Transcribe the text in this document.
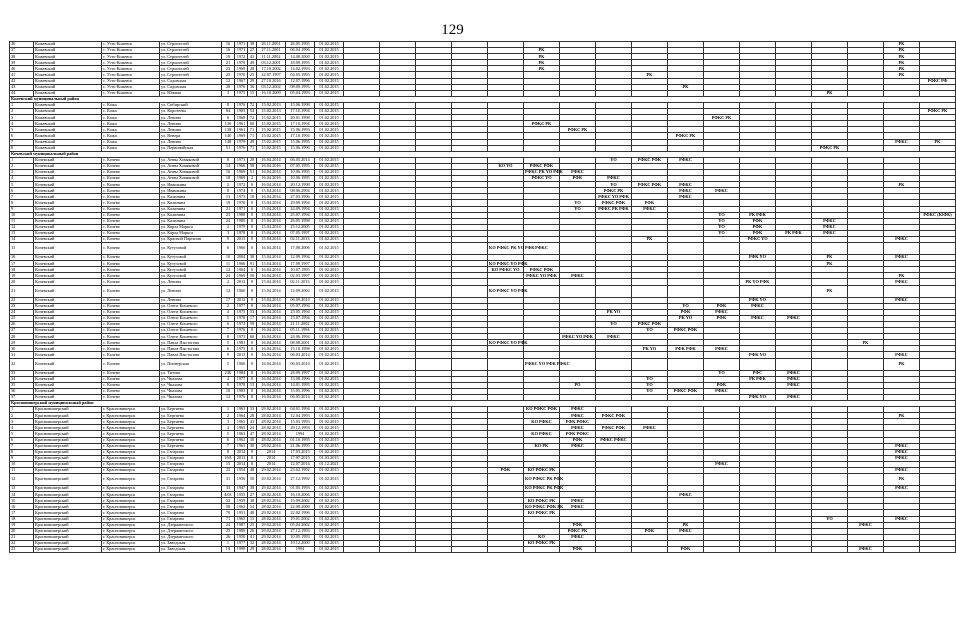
129
36	Кожевский	с. Усть-Кожевск	ул. Строителей	16	1971	38	26.11.2001	26.05.1995	01.02.2015																PK	
37	Кожевский	с. Усть-Кожевск	ул. Строителей	16	1971	27	27.11.2001	06.04.1996	01.02.2015						PK										PK	
38	Кожевский	с. Усть-Кожевск	ул. Строителей	19	1972	43	11.11.2002	14.08.2000	01.02.2015						PK										PK	
39	Кожевский	с. Усть-Кожевск	ул. Строителей	21	1970	49	03.12.2001	18.09.1995	01.02.2015						PK										PK	
40	Кожевский	с. Усть-Кожевск	ул. Строителей	23	1969	28	17.10.2002	14.02.1993	01.02.2015						PK										PK	
41	Кожевский	с. Усть-Кожевск	ул. Строителей	25	1970	25	22.07.1997	04.05.1995	01.02.2015									PK							PK	
42	Кожевский	с. Усть-Кожевск	ул. Садовская	12	1967	29	27.10.2016	12.07.1996	01.02.2015																	РФКС РФ
43	Кожевский	с. Усть-Кожевск	ул. Садовская	28	1976	36	03.12.2002	08.09.1993	01.02.2015										PK							
44	Кожевский	с. Усть-Кожевск	ул. Южная	3	1975	15	16.10.2009	05.04.1993	01.02.2015														PK			
Кожевский муниципальный район																										
1	Кожевский	с. Кожа	ул. Сибирский	8	1976	72	15.02.2013	15.06.1998	01.02.2015																	
2	Кожевский	с. Кожа	ул. Коротеева	64	1983	54	15.02.2013	17.10.1994	01.02.2015																	PФKC PK
3	Кожевский	с. Кожа	ул. Ленина	6	1968	72	15.02.2015	20.01.1998	01.02.2015											PФKC PK						
4	Кожевский	с. Кожа	ул. Ленина	136	1961	60	15.02.2015	17.10.1994	01.02.2015						PФKC PK											
5	Кожевский	с. Кожа	ул. Ленина	138	1961	71	15.02.2015	15.06.1993	01.02.2015							PФKC PK										
6	Кожевский	с. Кожа	ул. Венера	140	1969	71	15.02.2015	17.10.1994	01.02.2015										PФKC PK							
7	Кожевский	с. Кожа	ул. Ленина	148	1979	49	15.02.2015	15.06.1995	01.02.2015																PФKC	PK
8	Кожевский	с. Кожа	ул. Первомайская	51	1976	71	15.02.2015	15.06.1996	01.02.2015														PФKC PK			
Кочевский муниципальный район																										
1	Кочевский	с. Кочево	ул. Анны Хомяковой	8	1973	28	16.04.2014	06.05.2014	01.02.2015								YO	PФKC PФK	PФKC							
2	Кочевский	с. Кочево	ул. Анны Хомяковой	14	1966	58	16.04.2016	07.05.1995	01.02.2015					KO YO	PФKC PФK											
3	Кочевский	с. Кочево	ул. Анны Хомяковой	16	1969	51	16.04.2014	10.06.1995	01.02.2015						PФKC PK YO PФK	PФKC										
4	Кочевский	с. Кочево	ул. Анны Хомяковой	18	1969	2	16.04.2016	10.06.1995	01.02.2015						PФKC YO	PФK	PФKC									
5	Кочевский	с. Кочево	ул. Ивашкина	2	1972	0	16.04.2014	20.12.1998	01.02.2015								YO	PФKC PФK	PФKC						PK	
6	Кочевский	с. Кочево	ул. Ивашкина	8	1974	9	15.04.2014	08.06.2994	01.02.2015								PФKC PK		PФKC	PФKC						
7	Кочевский	с. Кочево	ул. Калинина	13	1973	10	16.04.2014	27.03.1996	01.02.2015								PФKC YO PФK		PФKC							
8	Кочевский	с. Кочево	ул. Калинина	19	1970	0	15.04.2014	29.09.1994	01.02.2015							YO	PФKC PФK	PФK								
9	Кочевский	с. Кочево	ул. Калинина	21	1971	0	15.04.2014	24.09.1994	01.02.2015							YO	PФKC PK PФK	PФKC								
10	Кочевский	с. Кочево	ул. Калинина	23	1988	0	15.04.2014	25.07.1994	01.02.2015											YO	PK PФK					PФKC (ЮФК)
11	Кочевский	с. Кочево	ул. Калинина	24	1980	0	15.04.2014	26.05.1998	01.02.2015											YO	PФK		PФKC			
12	Кочевский	с. Кочево	ул. Карла Маркса	2	1979	0	15.04.2014	25.12.2005	01.02.2015											YO	PФK		PФKC			
13	Кочевский	с. Кочево	ул. Карла Маркса	3	1978	0	15.04.2014	07.05.1997	01.02.2015											YO	PФK	PK PФK	PФKC			
14	Кочевский	с. Кочево	ул. Красной Партизан	9	2013	0	15.04.2014	02.11.2013	01.02.2015									PK			PФKC YO				PФKC	
15	Кочевский	с. Кочево	ул. Кутузовой	6	1966	0	16.04.2014	17.08.2006	01.02.2015					KO PФKC PK YO PФK	PФKC											
16	Кочевский	с. Кочево	ул. Кутузовой	10	2004	38	15.04.2014	12.09.1994	01.02.2015												PФK YO		PK		PФKC	
17	Кочевский	с. Кочево	ул. Кутузовой	11	1966	91	15.04.2014	17.09.1997	01.02.2015					KO PФKC YO PФK									PK			
18	Кочевский	с. Кочево	ул. Кутузовой	12	1964	0	16.04.2014	10.07.1995	01.02.2015					KO PФKC YO	PФKC PФK											
19	Кочевский	с. Кочево	ул. Кутузовой	24	1969	50	16.04.2014	02.03.1997	01.02.2015						PФKC YO PФK	PФKC									PK	
20	Кочевский	с. Кочево	ул. Ленина	2	2012	0	15.04.2014	02.11.2013	01.02.2015												PK YO PФK				PФKC	
21	Кочевский	с. Кочево	ул. Ленина	12	1960	0	15.04.2014	12.09.2002	01.02.2015					KO PФKC YO PФK									PK			
22	Кочевский	с. Кочево	ул. Ленина	17	2012	0	15.04.2014	06.09.2014	01.02.2015												PФK YO				PФKC	
23	Кочевский	с. Кочево	ул. Олеги Кошевого	2	1977	0	16.04.2014	05.07.1994	01.02.2015										YO	PФK	PФKC					
24	Кочевский	с. Кочево	ул. Олеги Кошевого	4	1975	53	16.04.2014	25.05.1994	01.02.2015								PK YO		PФK	PФKC						
25	Кочевский	с. Кочево	ул. Олеги Кошевого	5	1978	17	16.04.2014	15.07.1994	01.02.2015										PK YO	PФK	PФKC	PФKC				
26	Кочевский	с. Кочево	ул. Олеги Кошевого	6	1974	59	16.04.2014	21.11.2002	01.02.2015								YO	PФKC PФK								
27	Кочевский	с. Кочево	ул. Олеги Кошевого	7	1976	0	16.04.2014	05.11.1994	01.02.2015									YO	PФKC PФK							
28	Кочевский	с. Кочево	ул. Олеги Кошевого	8	1973	60	16.04.2014	24.06.1994	01.02.2015							PФKC YO PФK	PФKC									
29	Кочевский	с. Кочево	ул. Павла Пыстогова	5	1981	0	16.04.2014	08.08.2001	01.02.2015					KO PФKC YO PФK										PK		
30	Кочевский	с. Кочево	ул. Павла Пыстогова	6	1975	0	16.04.2014	15.10.1998	01.02.2015									PK YO	PФK PФK	PФKC						
31	Кочевский	с. Кочево	ул. Павла Пыстогова	9	2013	0	16.04.2014	06.03.2014	01.02.2015												PФK YO				PФKC	
32	Кочевский	с. Кочево	ул. Пионерская	5	1966	0	16.04.2014	06.03.2014	01.02.2015						PФKC YO PФK PФKC										PK	
33	Кочевский	с. Кочево	ул. Титова	23Б	1984	0	16.04.2014	28.09.1997	01.02.2015											YO	PФC	PФKC				
34	Кочевский	с. Кочево	ул. Чкалова	4	1977	0	16.04.2014	13.08.1996	01.02.2015									YO			PK PФK	PФKC				
35	Кочевский	с. Кочево	ул. Чкалова	8	1978	15	16.04.2014	14.01.1995	01.02.2015							PO		YO		PФK		PФKC				
36	Кочевский	с. Кочево	ул. Чкалова	10	1983	0	16.04.2014	15.05.1996	01.02.2015									YO	PФKC PФK	PФKC						
37	Кочевский	с. Кочево	ул. Чкалова	12	1976	0	16.04.2014	06.05.2014	01.02.2015												PФK YO	PФKC				
Красновишерский муниципальный район																										
1	Красновишерский	г. Красновишерск	ул. Бертиева	1	1963	33	29.02.2014	04.01.1994	01.02.2015						KO PФKC PФK	PФKC										
2	Красновишерский	г. Красновишерск	ул. Бертиева	2	1964	28	28.02.2014	12.04.1993	01.02.2015							PФKC	PФKC PФK								PK	
3	Красновишерский	г. Красновишерск	ул. Бертиева	3	1965	43	28.02.2014	15.03.1993	01.02.2015						KO PФKC	PФK PФKC										
4	Красновишерский	г. Красновишерск	ул. Бертиева	4	1965	24	28.02.2014	29.12.1993	01.02.2015							PФKC	PФKC PФK	PФKC								
5	Красновишерский	г. Красновишерск	ул. Бертиева	5	1963	47	28.02.2014	1994	01.02.2015						KO PФKC	PФK PФKC										
6	Красновишерский	г. Красновишерск	ул. Бертиева	6	1962	30	28.02.2014	01.10.1995	01.02.2015							PФK	PФKC PФKC									
7	Красновишерский	г. Красновишерск	ул. Бертиева	7	1963	30	28.02.2014	21.06.1995	01.02.2015						KO PK	PФKC									PФKC	
8	Красновишерский	г. Красновишерск	ул. Гагарина	8	2014	0	2014	17.03.2015	01.02.2015																PФKC	
9	Красновишерский	г. Красновишерск	ул. Гагарина	16А	2013	0	2014	17.07.2015	01.03.2015																PФKC	
10	Красновишерский	г. Красновишерск	ул. Гагарина	15	2014	0	2014	12.07.2014	01.12.2021											PФKC						
11	Красновишерский	г. Красновишерск	ул. Гагарина	23	1954	48	29.02.2014	23.02.1992	01.02.2015					PФK	KO PФKC PK										PФKC	
12	Красновишерский	г. Красновишерск	ул. Гагарина	31	1956	50	29.02.2014	27.12.1992	01.02.2015						KO PФKC PK PФK										PK	
13	Красновишерский	г. Красновишерск	ул. Гагарина	33	1947	38	29.02.2014	01.05.1993	01.02.2015						KO PФKC PK PФK										PФKC	
14	Красновишерский	г. Красновишерск	ул. Гагарина	48А	1955	27	28.02.2014	16.10.2004	01.02.2015										PФKC							
15	Красновишерский	г. Красновишерск	ул. Гагарина	52	1959	38	28.02.2014	15.09.2002	01.02.2015						KO PФKC PK	PФKC										
16	Красновишерский	г. Красновишерск	ул. Гагарина	58	1962	54	28.02.2014	22.08.2000	01.02.2015						KO PФKC PФK PK	PФKC										
17	Красновишерский	г. Красновишерск	ул. Гагарина	70	1951	48	29.02.2014	22.02.1996	01.02.2015						KO PФKC PK											
18	Красновишерский	г. Красновишерск	ул. Гагарина	71	1965	15	28.02.2014	19.01.2002	01.02.2015														YO		PФKC	
19	Красновишерский	г. Красновишерск	ул. Дзержинского	24	1987	25	29.02.2014	05.04.2002	01.02.2015							PФK			PK					PФKC		
20	Красновишерский	г. Красновишерск	ул. Дзержинского	25	1986	26	29.02.2014	27.12.1993	01.02.2015							PФKC PK		PФK	PФKC							
21	Красновишерский	г. Красновишерск	ул. Дзержинского	26	1950	41	29.02.2014	10.05.1993	01.02.2015						KO	PФKC										
22	Красновишерский	г. Красновишерск	ул. Заводская	1	1977	32	28.02.2014	19.12.2000	01.02.2015						KO PФKC PK											
23	Красновишерский	г. Красновишерск	ул. Заводская	1А	1990	29	28.02.2014	1994	01.02.2015							PФK			PФK					PФKC		
